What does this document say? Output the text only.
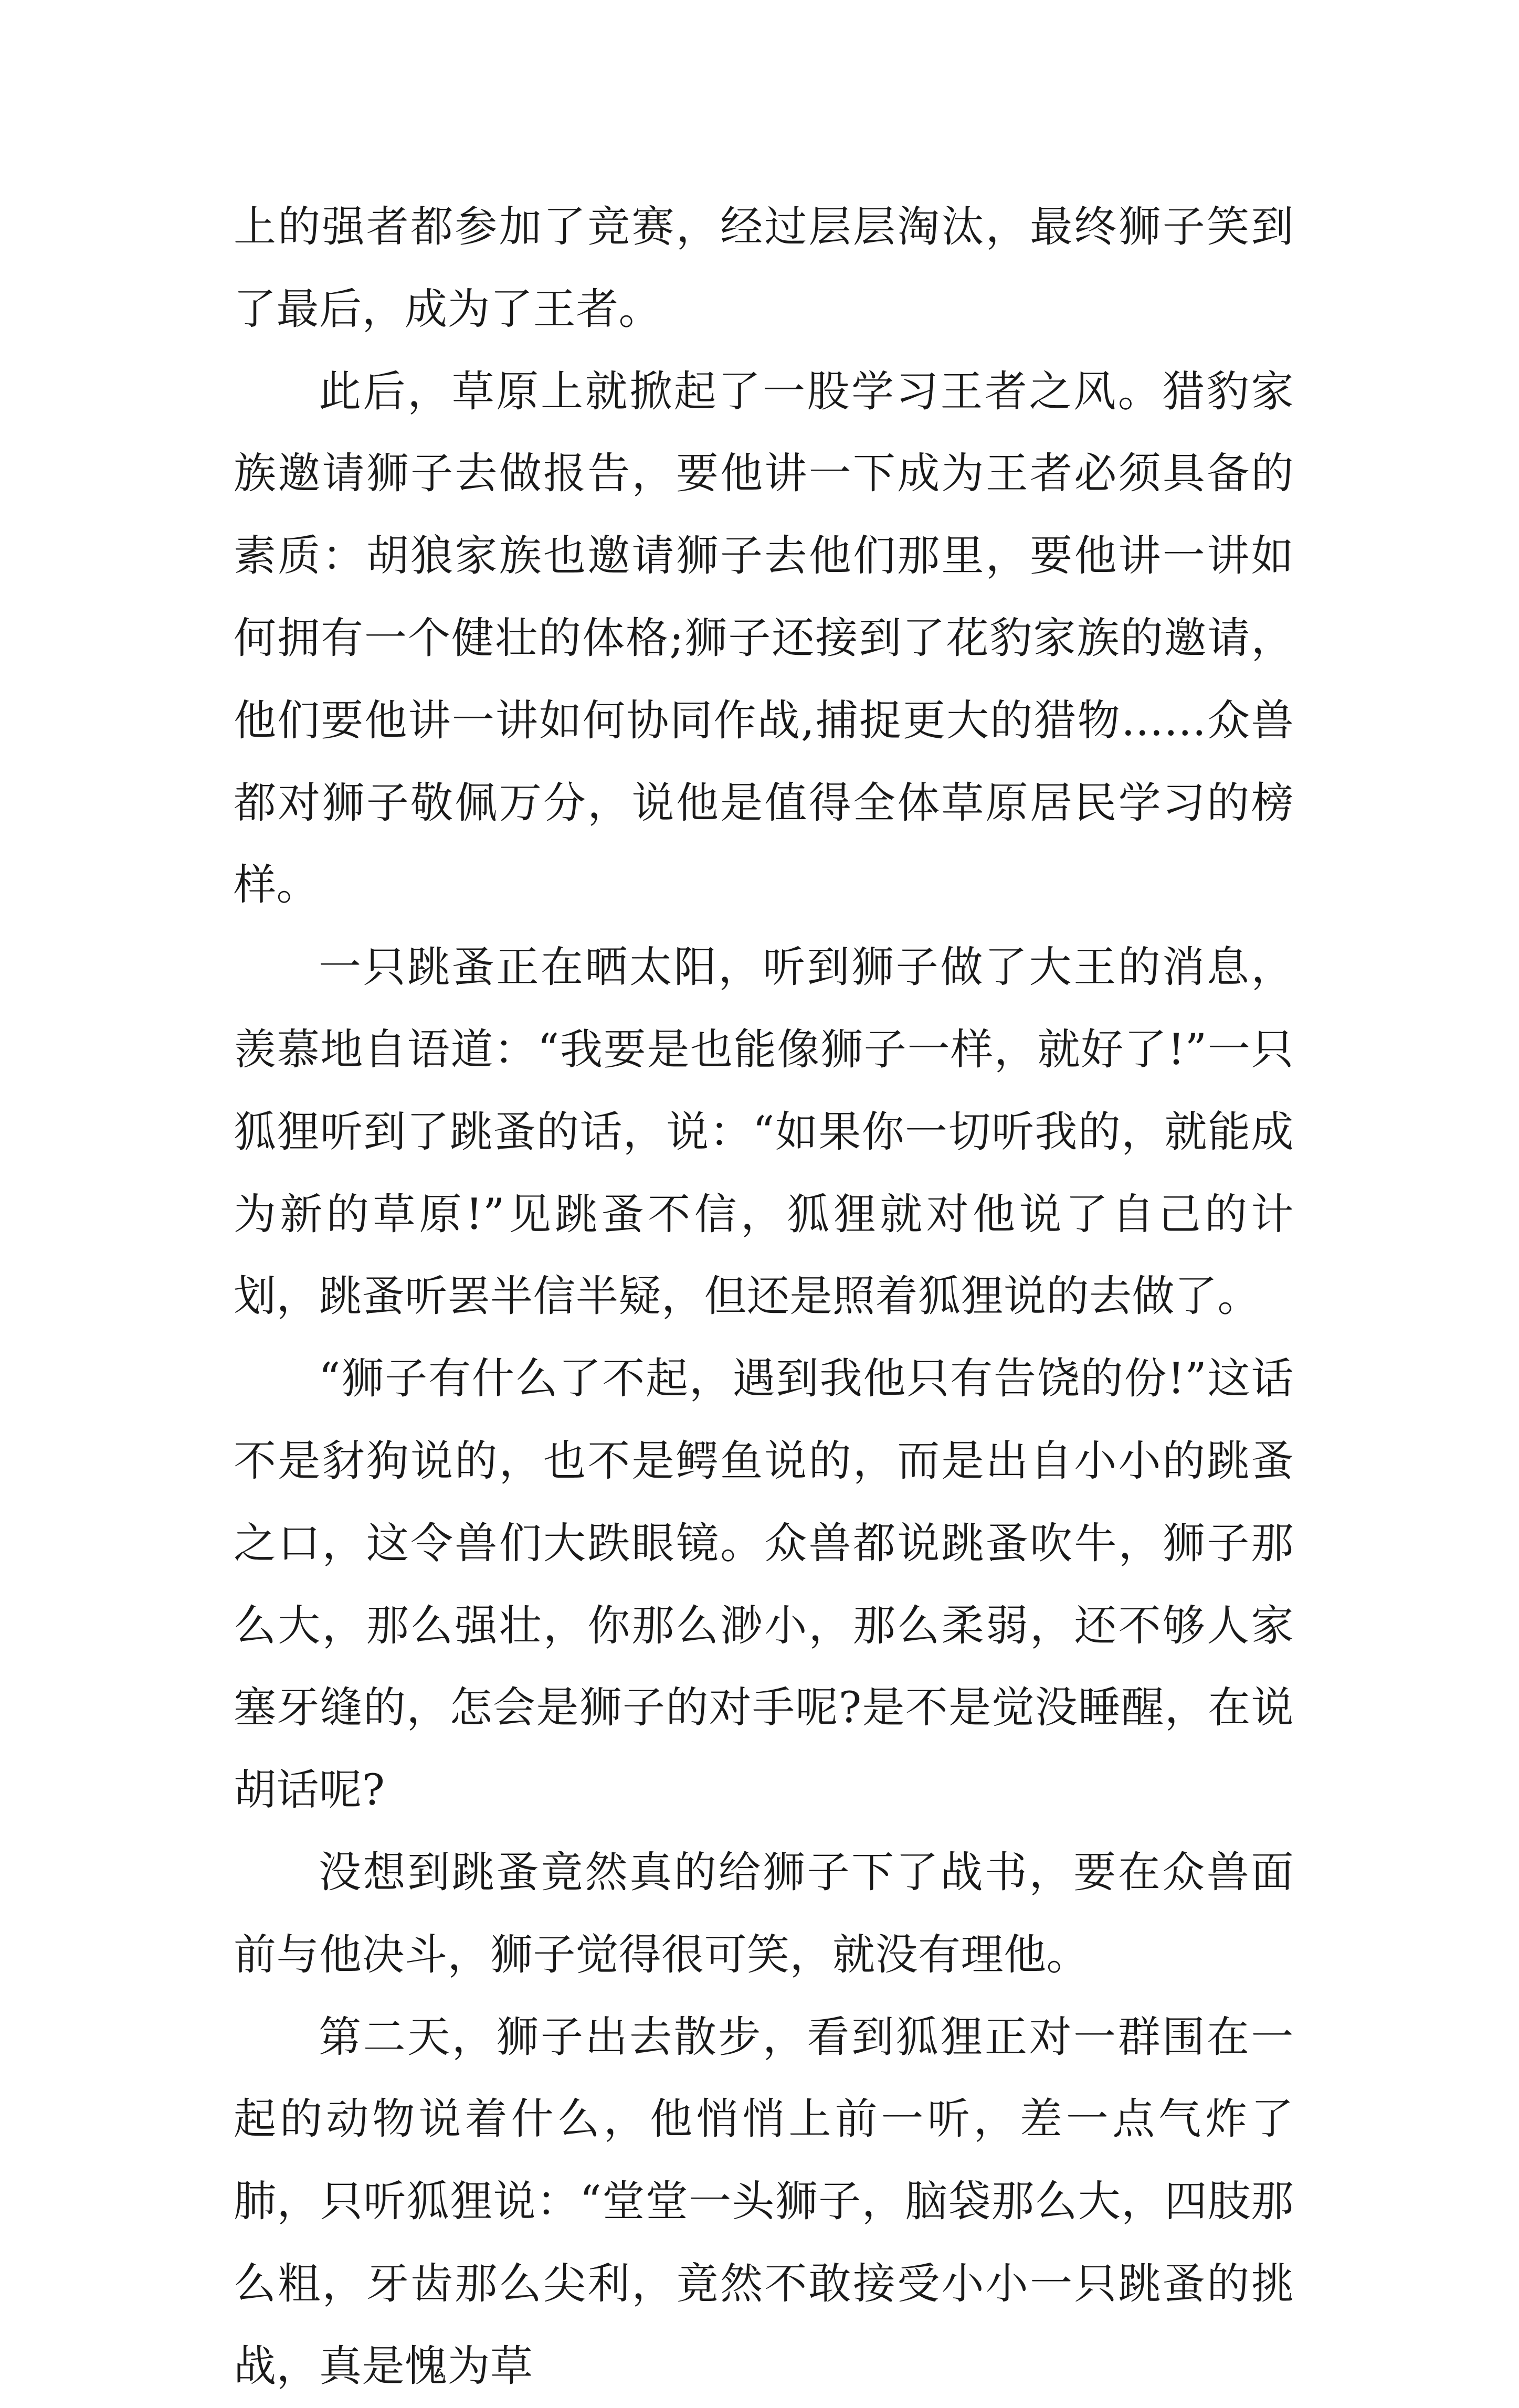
上的强者都参加了竞赛，经过层层淘汰，最终狮子笑到了最后，成为了王者。

此后，草原上就掀起了一股学习王者之风。猎豹家族邀请狮子去做报告，要他讲一下成为王者必须具备的素质：胡狼家族也邀请狮子去他们那里，要他讲一讲如何拥有一个健壮的体格;狮子还接到了花豹家族的邀请，他们要他讲一讲如何协同作战,捕捉更大的猎物……众兽都对狮子敬佩万分，说他是值得全体草原居民学习的榜样。

一只跳蚤正在晒太阳，听到狮子做了大王的消息，羡慕地自语道：“我要是也能像狮子一样，就好了!”一只狐狸听到了跳蚤的话，说：“如果你一切听我的，就能成为新的草原!”见跳蚤不信，狐狸就对他说了自己的计划，跳蚤听罢半信半疑，但还是照着狐狸说的去做了。

“狮子有什么了不起，遇到我他只有告饶的份!”这话不是豺狗说的，也不是鳄鱼说的，而是出自小小的跳蚤之口，这令兽们大跌眼镜。众兽都说跳蚤吹牛，狮子那么大，那么强壮，你那么渺小，那么柔弱，还不够人家塞牙缝的，怎会是狮子的对手呢?是不是觉没睡醒，在说胡话呢?

没想到跳蚤竟然真的给狮子下了战书，要在众兽面前与他决斗，狮子觉得很可笑，就没有理他。

第二天，狮子出去散步，看到狐狸正对一群围在一起的动物说着什么，他悄悄上前一听，差一点气炸了肺，只听狐狸说：“堂堂一头狮子，脑袋那么大，四肢那么粗，牙齿那么尖利，竟然不敢接受小小一只跳蚤的挑战，真是愧为草
